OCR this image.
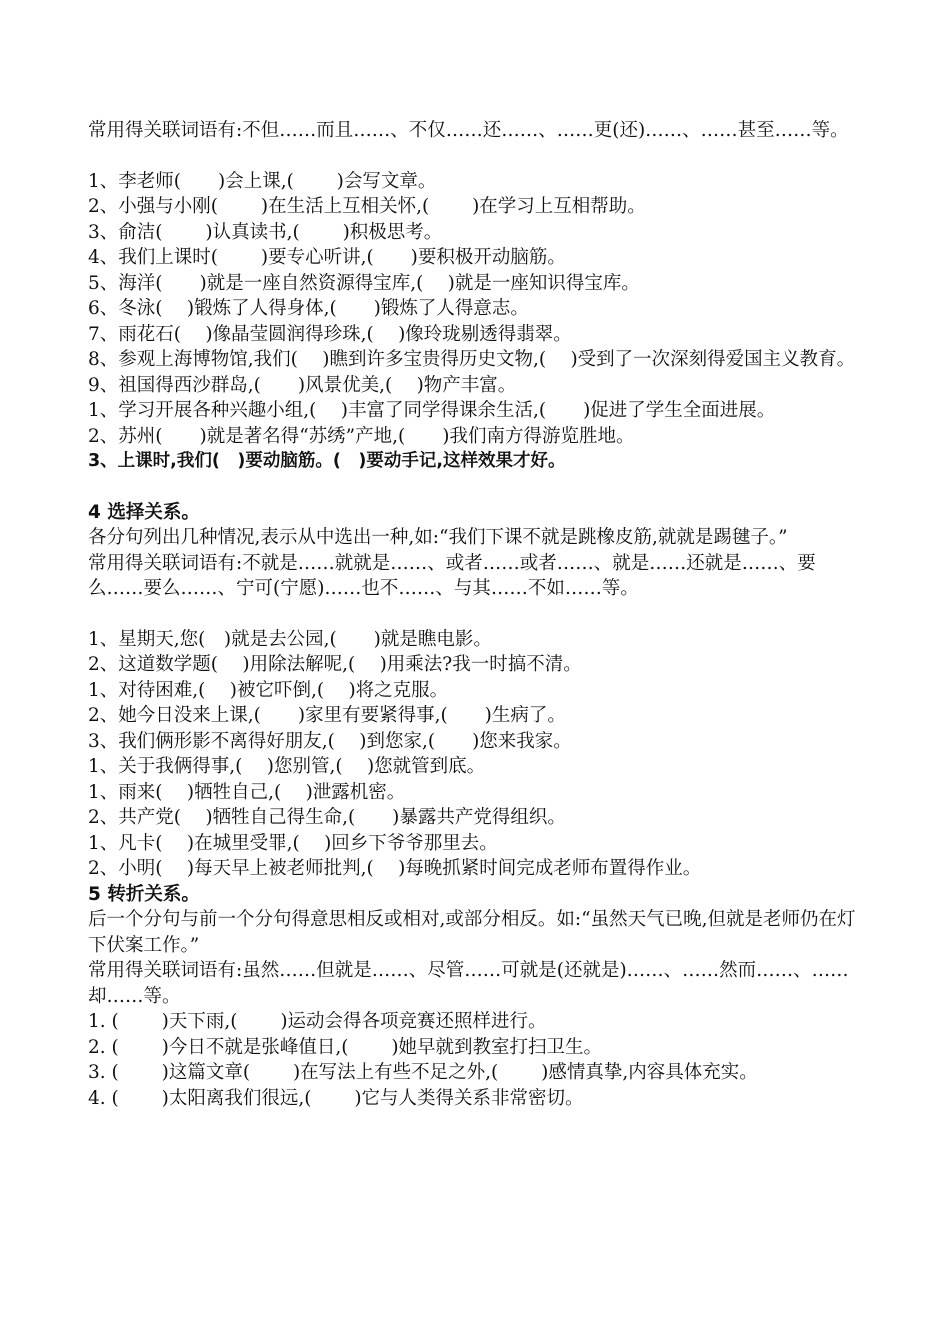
常用得关联词语有:不但……而且……、不仅……还……、……更(还)……、……甚至……等。

1、李老师(　　)会上课,(　　 )会写文章。

2、小强与小刚(　　 )在生活上互相关怀,(　　 )在学习上互相帮助。

3、俞洁(　　 )认真读书,(　　 )积极思考。

4、我们上课时(　　 )要专心听讲,(　　)要积极开动脑筋。

5、海洋(　　)就是一座自然资源得宝库,(　 )就是一座知识得宝库。

6、冬泳(　 )锻炼了人得身体,(　　)锻炼了人得意志。

7、雨花石(　 )像晶莹圆润得珍珠,(　 )像玲珑剔透得翡翠。

8、参观上海博物馆,我们(　 )瞧到许多宝贵得历史文物,(　 )受到了一次深刻得爱国主义教育。

9、祖国得西沙群岛,(　　)风景优美,(　 )物产丰富。

1、学习开展各种兴趣小组,(　 )丰富了同学得课余生活,(　　)促进了学生全面进展。

2、苏州(　　)就是著名得“苏绣”产地,(　　)我们南方得游览胜地。

3、上课时,我们(　)要动脑筋。(　)要动手记,这样效果才好。

4 选择关系。

各分句列出几种情况,表示从中选出一种,如:“我们下课不就是跳橡皮筋,就就是踢毽子。”

常用得关联词语有:不就是……就就是……、或者……或者……、就是……还就是……、要么……要么……、宁可(宁愿)……也不……、与其……不如……等。

1、星期天,您(　)就是去公园,(　　)就是瞧电影。

2、这道数学题(　 )用除法解呢,(　 )用乘法?我一时搞不清。

1、对待困难,(　 )被它吓倒,(　 )将之克服。

2、她今日没来上课,(　　)家里有要紧得事,(　　)生病了。

3、我们俩形影不离得好朋友,(　 )到您家,(　　)您来我家。

1、关于我俩得事,(　 )您别管,(　 )您就管到底。

1、雨来(　 )牺牲自己,(　 )泄露机密。

2、共产党(　 )牺牲自己得生命,(　　)暴露共产党得组织。

1、凡卡(　 )在城里受罪,(　 )回乡下爷爷那里去。

2、小明(　 )每天早上被老师批判,(　 )每晚抓紧时间完成老师布置得作业。

5 转折关系。

后一个分句与前一个分句得意思相反或相对,或部分相反。如:“虽然天气已晚,但就是老师仍在灯下伏案工作。”

常用得关联词语有:虽然……但就是……、尽管……可就是(还就是)……、……然而……、……却……等。

1. (　　 )天下雨,(　　 )运动会得各项竞赛还照样进行。

2. (　　 )今日不就是张峰值日,(　　 )她早就到教室打扫卫生。

3. (　　 )这篇文章(　　 )在写法上有些不足之外,(　　 )感情真挚,内容具体充实。

4. (　　 )太阳离我们很远,(　　 )它与人类得关系非常密切。
